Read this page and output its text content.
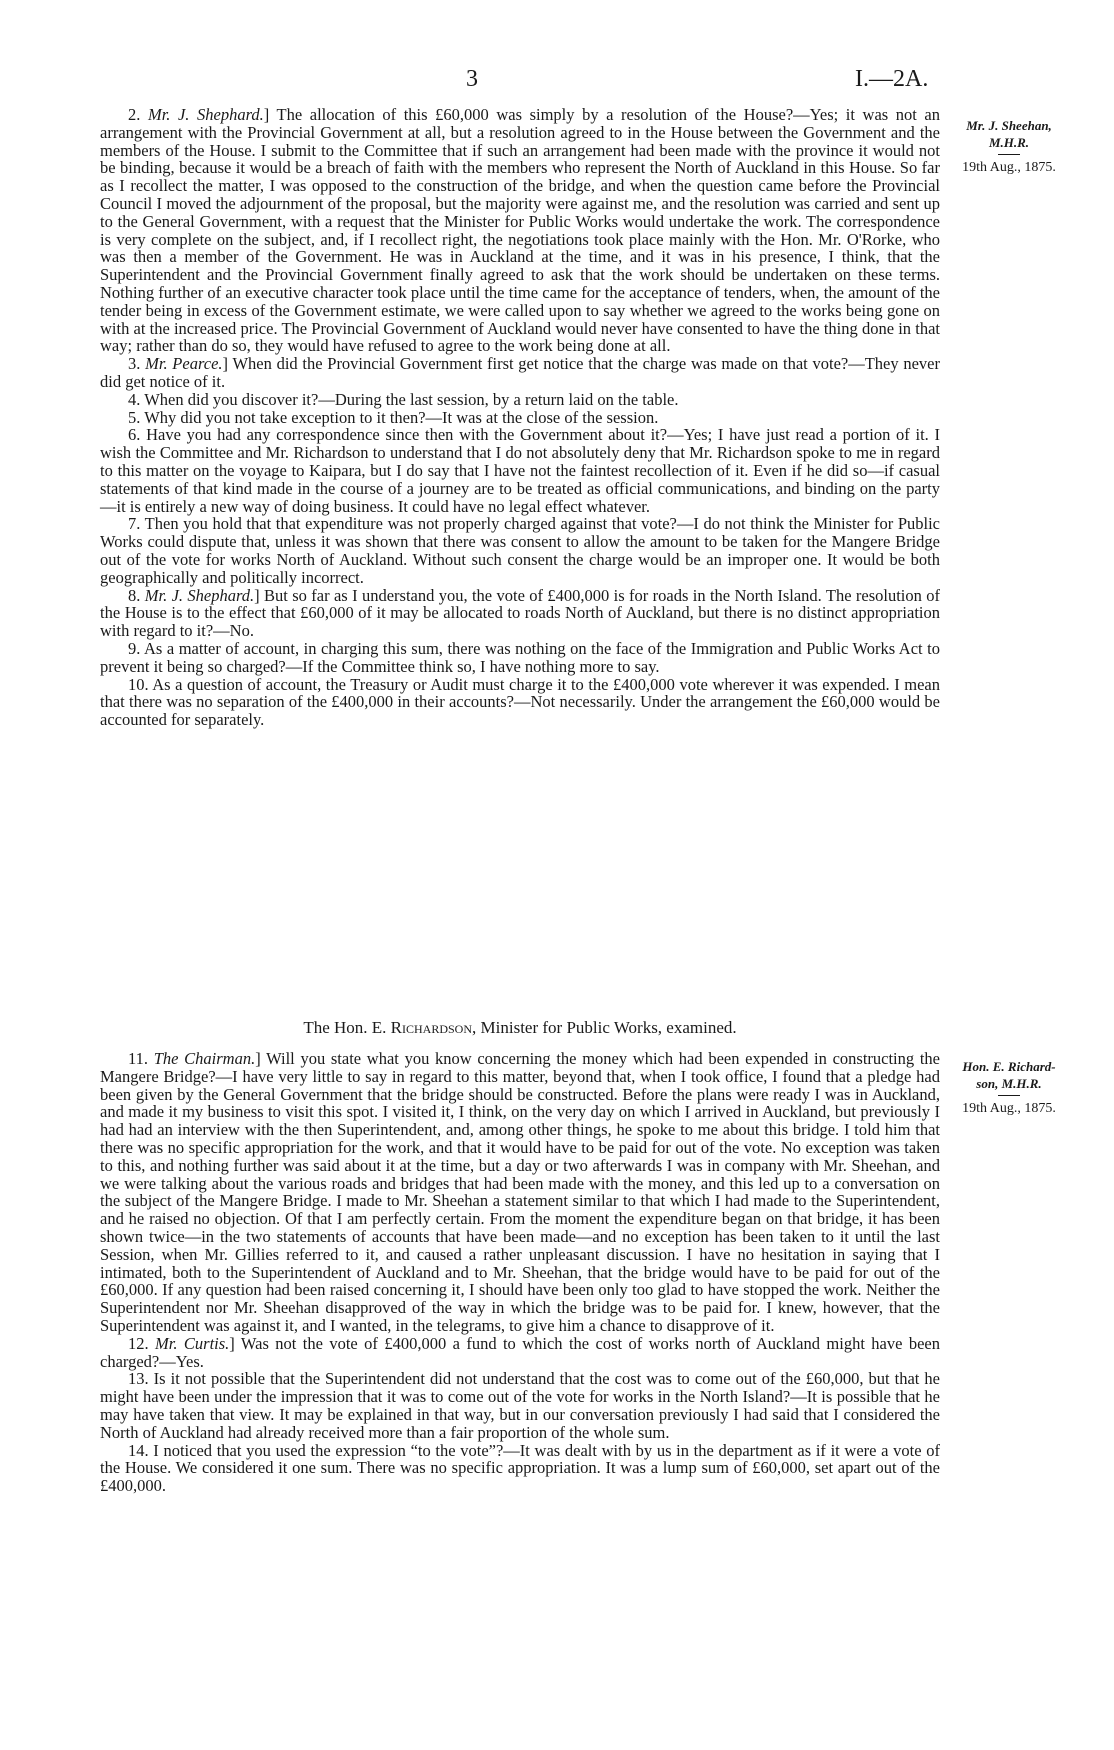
3	I.—2A.
Mr. J. Sheehan,
M.H.R.
19th Aug., 1875.

2. Mr. J. Shephard.] The allocation of this £60,000 was simply by a resolution of the House?—Yes; it was not an arrangement with the Provincial Government at all, but a resolution agreed to in the House between the Government and the members of the House. I submit to the Committee that if such an arrangement had been made with the province it would not be binding, because it would be a breach of faith with the members who represent the North of Auckland in this House. So far as I recollect the matter, I was opposed to the construction of the bridge, and when the question came before the Provincial Council I moved the adjournment of the proposal, but the majority were against me, and the resolution was carried and sent up to the General Government, with a request that the Minister for Public Works would undertake the work. The correspondence is very complete on the subject, and, if I recollect right, the negotiations took place mainly with the Hon. Mr. O'Rorke, who was then a member of the Government. He was in Auckland at the time, and it was in his presence, I think, that the Superintendent and the Provincial Government finally agreed to ask that the work should be undertaken on these terms. Nothing further of an executive character took place until the time came for the acceptance of tenders, when, the amount of the tender being in excess of the Government estimate, we were called upon to say whether we agreed to the works being gone on with at the increased price. The Provincial Government of Auckland would never have consented to have the thing done in that way; rather than do so, they would have refused to agree to the work being done at all.

3. Mr. Pearce.] When did the Provincial Government first get notice that the charge was made on that vote?—They never did get notice of it.

4. When did you discover it?—During the last session, by a return laid on the table.

5. Why did you not take exception to it then?—It was at the close of the session.

6. Have you had any correspondence since then with the Government about it?—Yes; I have just read a portion of it. I wish the Committee and Mr. Richardson to understand that I do not absolutely deny that Mr. Richardson spoke to me in regard to this matter on the voyage to Kaipara, but I do say that I have not the faintest recollection of it. Even if he did so—if casual statements of that kind made in the course of a journey are to be treated as official communications, and binding on the party—it is entirely a new way of doing business. It could have no legal effect whatever.

7. Then you hold that that expenditure was not properly charged against that vote?—I do not think the Minister for Public Works could dispute that, unless it was shown that there was consent to allow the amount to be taken for the Mangere Bridge out of the vote for works North of Auckland. Without such consent the charge would be an improper one. It would be both geographically and politically incorrect.

8. Mr. J. Shephard.] But so far as I understand you, the vote of £400,000 is for roads in the North Island. The resolution of the House is to the effect that £60,000 of it may be allocated to roads North of Auckland, but there is no distinct appropriation with regard to it?—No.

9. As a matter of account, in charging this sum, there was nothing on the face of the Immigration and Public Works Act to prevent it being so charged?—If the Committee think so, I have nothing more to say.

10. As a question of account, the Treasury or Audit must charge it to the £400,000 vote wherever it was expended. I mean that there was no separation of the £400,000 in their accounts?—Not necessarily. Under the arrangement the £60,000 would be accounted for separately.

The Hon. E. Richardson, Minister for Public Works, examined.
Hon. E. Richard-
son, M.H.R.
19th Aug., 1875.

11. The Chairman.] Will you state what you know concerning the money which had been expended in constructing the Mangere Bridge?—I have very little to say in regard to this matter, beyond that, when I took office, I found that a pledge had been given by the General Government that the bridge should be constructed. Before the plans were ready I was in Auckland, and made it my business to visit this spot. I visited it, I think, on the very day on which I arrived in Auckland, but previously I had had an interview with the then Superintendent, and, among other things, he spoke to me about this bridge. I told him that there was no specific appropriation for the work, and that it would have to be paid for out of the vote. No exception was taken to this, and nothing further was said about it at the time, but a day or two afterwards I was in company with Mr. Sheehan, and we were talking about the various roads and bridges that had been made with the money, and this led up to a conversation on the subject of the Mangere Bridge. I made to Mr. Sheehan a statement similar to that which I had made to the Superintendent, and he raised no objection. Of that I am perfectly certain. From the moment the expenditure began on that bridge, it has been shown twice—in the two statements of accounts that have been made—and no exception has been taken to it until the last Session, when Mr. Gillies referred to it, and caused a rather unpleasant discussion. I have no hesitation in saying that I intimated, both to the Superintendent of Auckland and to Mr. Sheehan, that the bridge would have to be paid for out of the £60,000. If any question had been raised concerning it, I should have been only too glad to have stopped the work. Neither the Superintendent nor Mr. Sheehan disapproved of the way in which the bridge was to be paid for. I knew, however, that the Superintendent was against it, and I wanted, in the telegrams, to give him a chance to disapprove of it.

12. Mr. Curtis.] Was not the vote of £400,000 a fund to which the cost of works north of Auckland might have been charged?—Yes.

13. Is it not possible that the Superintendent did not understand that the cost was to come out of the £60,000, but that he might have been under the impression that it was to come out of the vote for works in the North Island?—It is possible that he may have taken that view. It may be explained in that way, but in our conversation previously I had said that I considered the North of Auckland had already received more than a fair proportion of the whole sum.

14. I noticed that you used the expression “to the vote”?—It was dealt with by us in the department as if it were a vote of the House. We considered it one sum. There was no specific appropriation. It was a lump sum of £60,000, set apart out of the £400,000.
